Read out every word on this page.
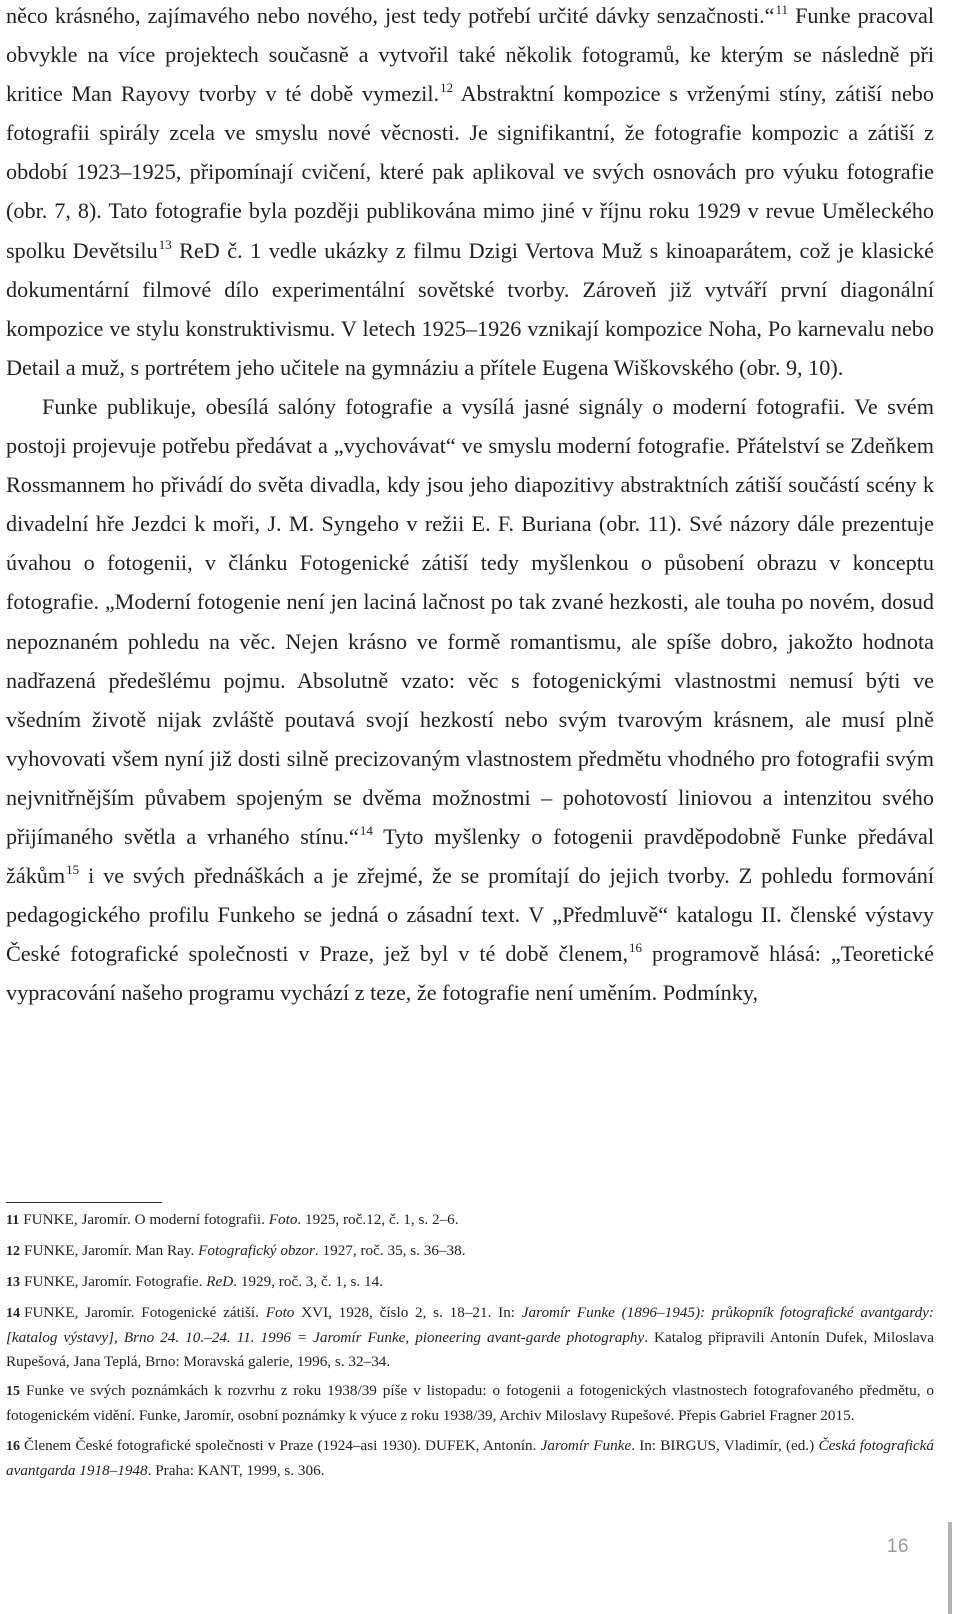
něco krásného, zajímavého nebo nového, jest tedy potřebí určité dávky senzačnosti.“$^{11}$ Funke pracoval obvykle na více projektech současně a vytvořil také několik fotogramů, ke kterým se následně při kritice Man Rayovy tvorby v té době vymezil.$^{12}$ Abstraktní kompozice s vrženými stíny, zátiší nebo fotografii spirály zcela ve smyslu nové věcnosti. Je signifikantní, že fotografie kompozic a zátiší z období 1923–1925, připomínají cvičení, které pak aplikoval ve svých osnovách pro výuku fotografie (obr. 7, 8). Tato fotografie byla později publikována mimo jiné v říjnu roku 1929 v revue Uměleckého spolku Devětsilu$^{13}$ ReD č. 1 vedle ukázky z filmu Dzigi Vertova Muž s kinoaparátem, což je klasické dokumentární filmové dílo experimentální sovětské tvorby. Zároveň již vytváří první diagonální kompozice ve stylu konstruktivismu. V letech 1925–1926 vznikají kompozice Noha, Po karnevalu nebo Detail a muž, s portrétem jeho učitele na gymnáziu a přítele Eugena Wiškovského (obr. 9, 10).

Funke publikuje, obesílá salóny fotografie a vysílá jasné signály o moderní fotografii. Ve svém postoji projevuje potřebu předávat a „vychovávat“ ve smyslu moderní fotografie. Přátelství se Zdeňkem Rossmannem ho přivádí do světa divadla, kdy jsou jeho diapozitivy abstraktních zátiší součástí scény k divadelní hře Jezdci k moři, J. M. Syngeho v režii E. F. Buriana (obr. 11). Své názory dále prezentuje úvahou o fotogenii, v článku Fotogenické zátiší tedy myšlenkou o působení obrazu v konceptu fotografie. „Moderní fotogenie není jen laciná lačnost po tak zvané hezkosti, ale touha po novém, dosud nepoznaném pohledu na věc. Nejen krásno ve formě romantismu, ale spíše dobro, jakožto hodnota nadřazená předešlému pojmu. Absolutně vzato: věc s fotogenickými vlastnostmi nemusí býti ve všedním životě nijak zvláště poutavá svojí hezkostí nebo svým tvarovým krásnem, ale musí plně vyhovovati všem nyní již dosti silně precizovaným vlastnostem předmětu vhodného pro fotografii svým nejvnitřnějším půvabem spojeným se dvěma možnostmi – pohotovostí liniovou a intenzitou svého přijímaného světla a vrhaného stínu.“$^{14}$ Tyto myšlenky o fotogenii pravděpodobně Funke předával žákům$^{15}$ i ve svých přednáškách a je zřejmé, že se promítají do jejich tvorby. Z pohledu formování pedagogického profilu Funkeho se jedná o zásadní text. V „Předmluvě“ katalogu II. členské výstavy České fotografické společnosti v Praze, jež byl v té době členem,$^{16}$ programově hlásá: „Teoretické vypracování našeho programu vychází z teze, že fotografie není uměním. Podmínky,

11 FUNKE, Jaromír. O moderní fotografii. Foto. 1925, roč.12, č. 1, s. 2–6.

12 FUNKE, Jaromír. Man Ray. Fotografický obzor. 1927, roč. 35, s. 36–38.

13 FUNKE, Jaromír. Fotografie. ReD. 1929, roč. 3, č. 1, s. 14.

14 FUNKE, Jaromír. Fotogenické zátiší. Foto XVI, 1928, číslo 2, s. 18–21. In: Jaromír Funke (1896–1945): průkopník fotografické avantgardy: [katalog výstavy], Brno 24. 10.–24. 11. 1996 = Jaromír Funke, pioneering avant-garde photography. Katalog připravili Antonín Dufek, Miloslava Rupešová, Jana Teplá, Brno: Moravská galerie, 1996, s. 32–34.

15 Funke ve svých poznámkách k rozvrhu z roku 1938/39 píše v listopadu: o fotogenii a fotogenických vlastnostech fotografovaného předmětu, o fotogenickém vidění. Funke, Jaromír, osobní poznámky k výuce z roku 1938/39, Archiv Miloslavy Rupešové. Přepis Gabriel Fragner 2015.

16 Členem České fotografické společnosti v Praze (1924–asi 1930). DUFEK, Antonín. Jaromír Funke. In: BIRGUS, Vladimír, (ed.) Česká fotografická avantgarda 1918–1948. Praha: KANT, 1999, s. 306.

16
